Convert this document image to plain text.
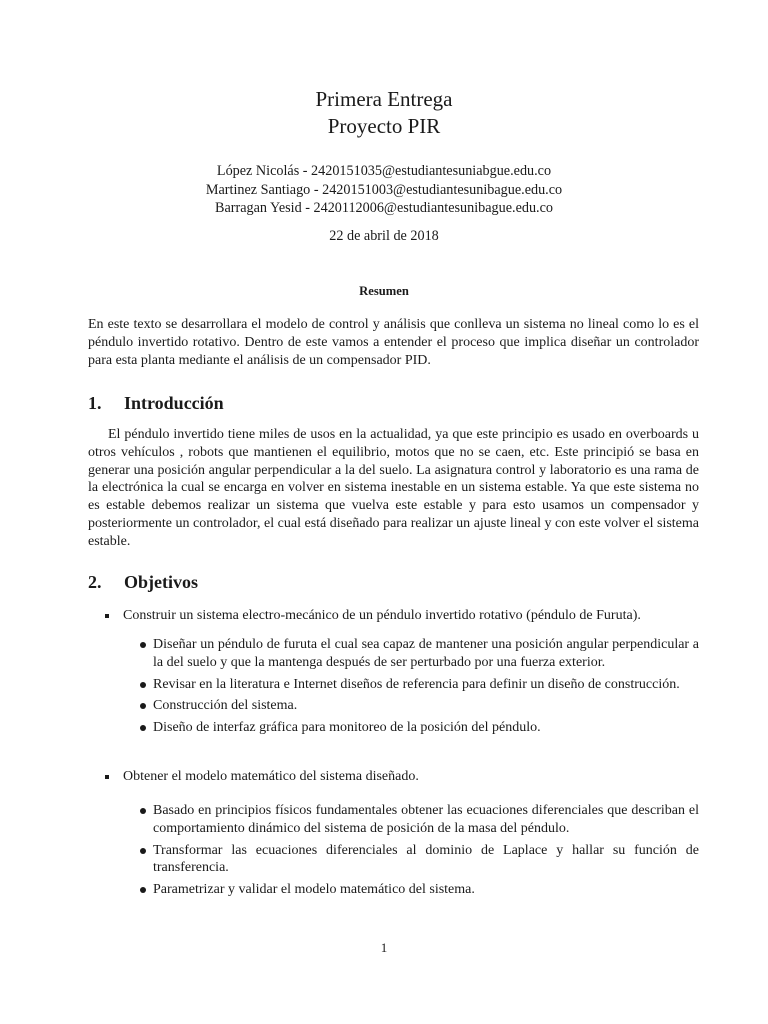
Primera Entrega
Proyecto PIR
López Nicolás - 2420151035@estudiantesuniabgue.edu.co
Martinez Santiago - 2420151003@estudiantesunibague.edu.co
Barragan Yesid - 2420112006@estudiantesunibague.edu.co
22 de abril de 2018
Resumen
En este texto se desarrollara el modelo de control y análisis que conlleva un sistema no lineal como lo es el péndulo invertido rotativo. Dentro de este vamos a entender el proceso que implica diseñar un controlador para esta planta mediante el análisis de un compensador PID.
1. Introducción
El péndulo invertido tiene miles de usos en la actualidad, ya que este principio es usado en overboards u otros vehículos , robots que mantienen el equilibrio, motos que no se caen, etc. Este principió se basa en generar una posición angular perpendicular a la del suelo. La asignatura control y laboratorio es una rama de la electrónica la cual se encarga en volver en sistema inestable en un sistema estable. Ya que este sistema no es estable debemos realizar un sistema que vuelva este estable y para esto usamos un compensador y posteriormente un controlador, el cual está diseñado para realizar un ajuste lineal y con este volver el sistema estable.
2. Objetivos
Construir un sistema electro-mecánico de un péndulo invertido rotativo (péndulo de Furuta).
Diseñar un péndulo de furuta el cual sea capaz de mantener una posición angular perpendicular a la del suelo y que la mantenga después de ser perturbado por una fuerza exterior.
Revisar en la literatura e Internet diseños de referencia para definir un diseño de construcción.
Construcción del sistema.
Diseño de interfaz gráfica para monitoreo de la posición del péndulo.
Obtener el modelo matemático del sistema diseñado.
Basado en principios físicos fundamentales obtener las ecuaciones diferenciales que describan el comportamiento dinámico del sistema de posición de la masa del péndulo.
Transformar las ecuaciones diferenciales al dominio de Laplace y hallar su función de transferencia.
Parametrizar y validar el modelo matemático del sistema.
1
